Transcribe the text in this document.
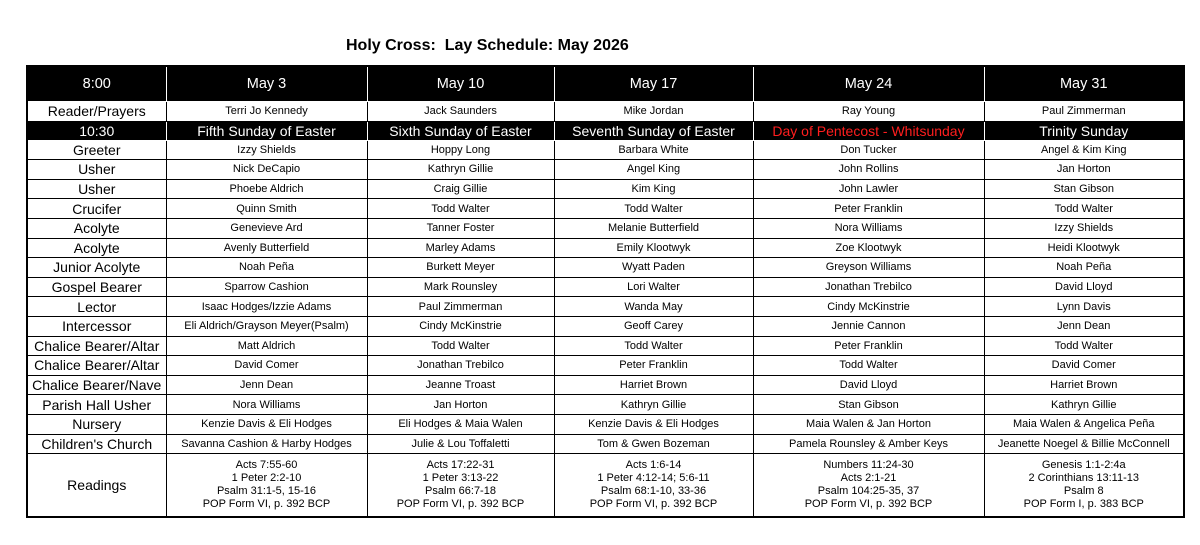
Holy Cross:  Lay Schedule: May 2026
8:00	May 3	May 10	May 17	May 24	May 31
Reader/Prayers	Terri Jo Kennedy	Jack Saunders	Mike Jordan	Ray Young	Paul Zimmerman
10:30	Fifth Sunday of Easter	Sixth Sunday of Easter	Seventh Sunday of Easter	Day of Pentecost - Whitsunday	Trinity Sunday
Greeter	Izzy Shields	Hoppy Long	Barbara White	Don Tucker	Angel & Kim King
Usher	Nick DeCapio	Kathryn Gillie	Angel King	John Rollins	Jan Horton
Usher	Phoebe Aldrich	Craig Gillie	Kim King	John Lawler	Stan Gibson
Crucifer	Quinn Smith	Todd Walter	Todd Walter	Peter Franklin	Todd Walter
Acolyte	Genevieve Ard	Tanner Foster	Melanie Butterfield	Nora Williams	Izzy Shields
Acolyte	Avenly Butterfield	Marley Adams	Emily Klootwyk	Zoe Klootwyk	Heidi Klootwyk
Junior Acolyte	Noah Peña	Burkett Meyer	Wyatt Paden	Greyson Williams	Noah Peña
Gospel Bearer	Sparrow Cashion	Mark Rounsley	Lori Walter	Jonathan Trebilco	David Lloyd
Lector	Isaac Hodges/Izzie Adams	Paul Zimmerman	Wanda May	Cindy McKinstrie	Lynn Davis
Intercessor	Eli Aldrich/Grayson Meyer(Psalm)	Cindy McKinstrie	Geoff Carey	Jennie Cannon	Jenn Dean
Chalice Bearer/Altar	Matt Aldrich	Todd Walter	Todd Walter	Peter Franklin	Todd Walter
Chalice Bearer/Altar	David Comer	Jonathan Trebilco	Peter Franklin	Todd Walter	David Comer
Chalice Bearer/Nave	Jenn Dean	Jeanne Troast	Harriet Brown	David Lloyd	Harriet Brown
Parish Hall Usher	Nora Williams	Jan Horton	Kathryn Gillie	Stan Gibson	Kathryn Gillie
Nursery	Kenzie Davis & Eli Hodges	Eli Hodges & Maia Walen	Kenzie Davis & Eli Hodges	Maia Walen & Jan Horton	Maia Walen & Angelica Peña
Children's Church	Savanna Cashion & Harby Hodges	Julie & Lou Toffaletti	Tom & Gwen Bozeman	Pamela Rounsley & Amber Keys	Jeanette Noegel & Billie McConnell
Readings	Acts 7:55-60
1 Peter 2:2-10
Psalm 31:1-5, 15-16
POP Form VI, p. 392 BCP	Acts 17:22-31
1 Peter 3:13-22
Psalm 66:7-18
POP Form VI, p. 392 BCP	Acts 1:6-14
1 Peter 4:12-14; 5:6-11
Psalm 68:1-10, 33-36
POP Form VI, p. 392 BCP	Numbers 11:24-30
Acts 2:1-21
Psalm 104:25-35, 37
POP Form VI, p. 392 BCP	Genesis 1:1-2:4a
2 Corinthians 13:11-13
Psalm 8
POP Form I, p. 383 BCP
